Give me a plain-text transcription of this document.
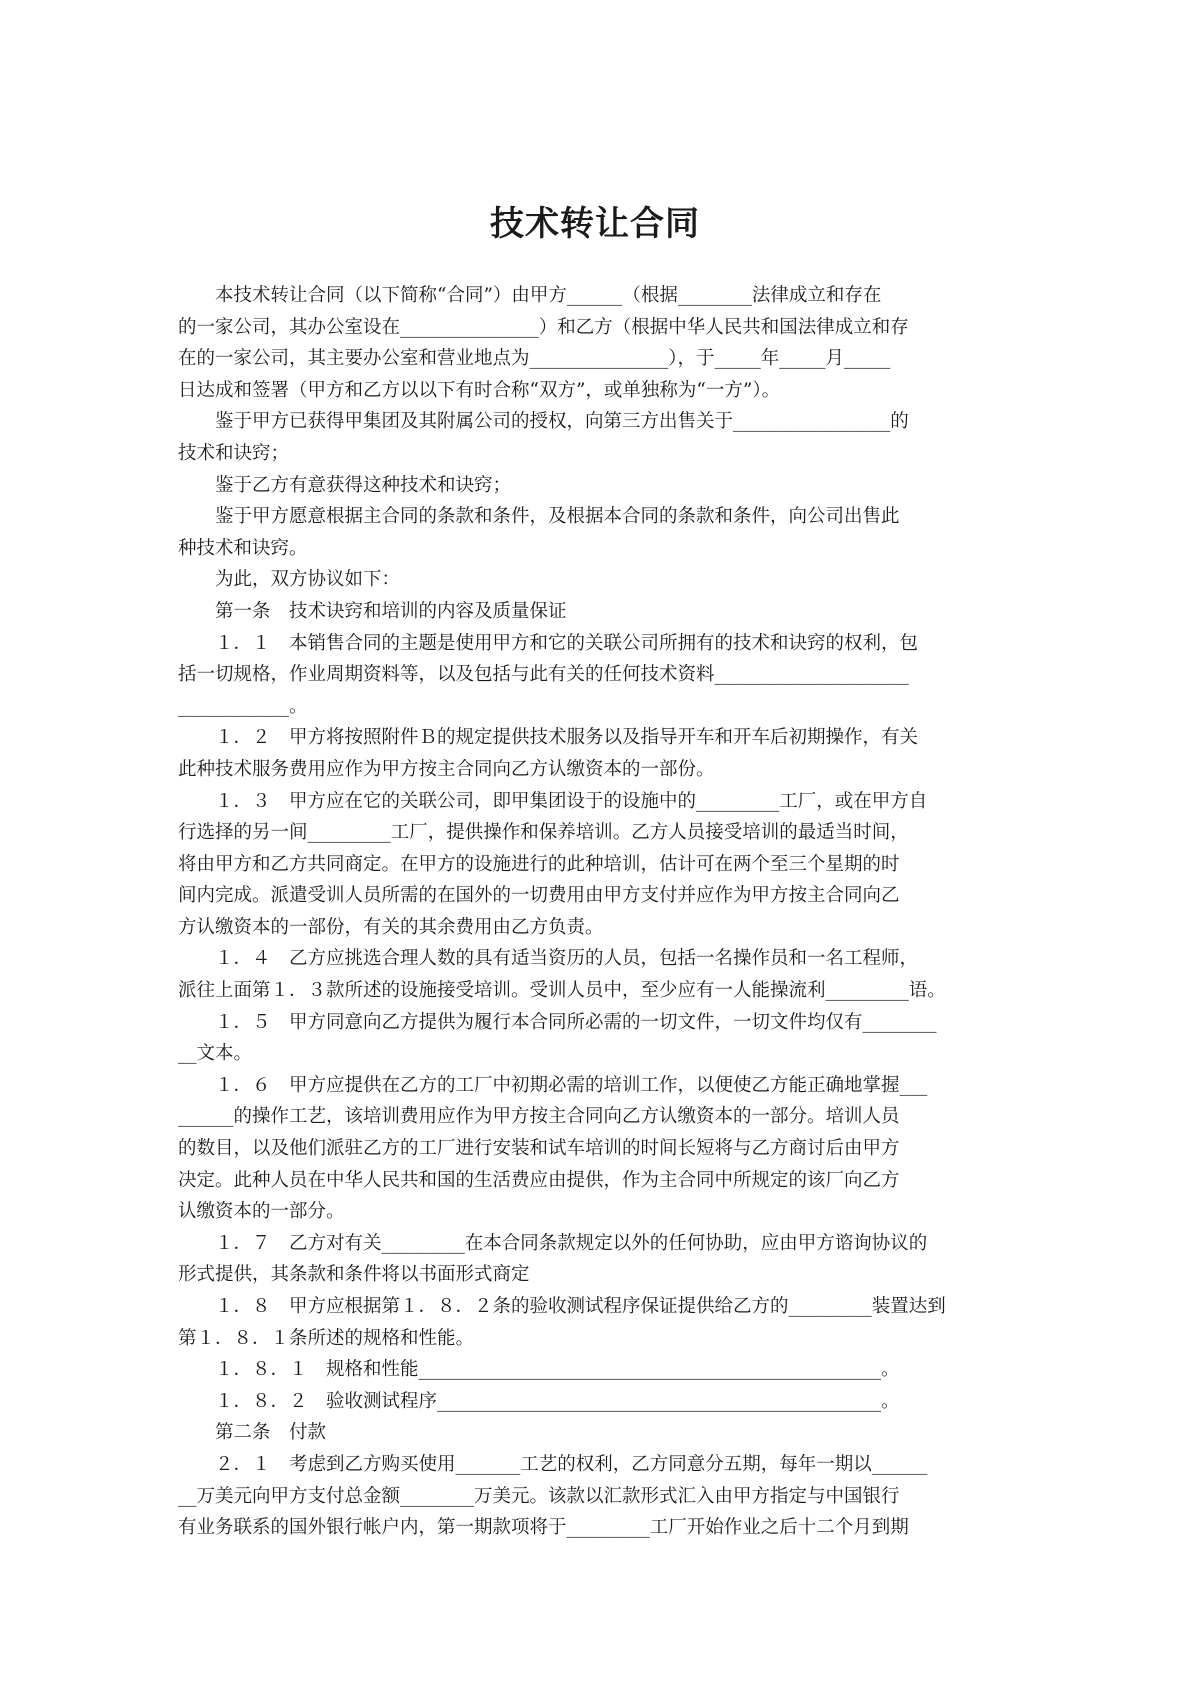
技术转让合同
　　本技术转让合同（以下简称“合同”）由甲方______（根据________法律成立和存在
的一家公司，其办公室设在_______________）和乙方（根据中华人民共和国法律成立和存
在的一家公司，其主要办公室和营业地点为_______________），于_____年_____月_____
日达成和签署（甲方和乙方以以下有时合称“双方”，或单独称为“一方”）。
　　鉴于甲方已获得甲集团及其附属公司的授权，向第三方出售关于_________________的
技术和诀窍；
　　鉴于乙方有意获得这种技术和诀窍；
　　鉴于甲方愿意根据主合同的条款和条件，及根据本合同的条款和条件，向公司出售此
种技术和诀窍。
　　为此，双方协议如下：
　　第一条　技术诀窍和培训的内容及质量保证
　　１．１　本销售合同的主题是使用甲方和它的关联公司所拥有的技术和诀窍的权利，包
括一切规格，作业周期资料等，以及包括与此有关的任何技术资料_____________________
____________。
　　１．２　甲方将按照附件Ｂ的规定提供技术服务以及指导开车和开车后初期操作，有关
此种技术服务费用应作为甲方按主合同向乙方认缴资本的一部份。
　　１．３　甲方应在它的关联公司，即甲集团设于的设施中的_________工厂，或在甲方自
行选择的另一间_________工厂，提供操作和保养培训。乙方人员接受培训的最适当时间，
将由甲方和乙方共同商定。在甲方的设施进行的此种培训，估计可在两个至三个星期的时
间内完成。派遣受训人员所需的在国外的一切费用由甲方支付并应作为甲方按主合同向乙
方认缴资本的一部份，有关的其余费用由乙方负责。
　　１．４　乙方应挑选合理人数的具有适当资历的人员，包括一名操作员和一名工程师，
派往上面第１．３款所述的设施接受培训。受训人员中，至少应有一人能操流利_________语。
　　１．５　甲方同意向乙方提供为履行本合同所必需的一切文件，一切文件均仅有________
__文本。
　　１．６　甲方应提供在乙方的工厂中初期必需的培训工作，以便使乙方能正确地掌握___
______的操作工艺，该培训费用应作为甲方按主合同向乙方认缴资本的一部分。培训人员
的数目，以及他们派驻乙方的工厂进行安装和试车培训的时间长短将与乙方商讨后由甲方
决定。此种人员在中华人民共和国的生活费应由提供，作为主合同中所规定的该厂向乙方
认缴资本的一部分。
　　１．７　乙方对有关_________在本合同条款规定以外的任何协助，应由甲方谘询协议的
形式提供，其条款和条件将以书面形式商定
　　１．８　甲方应根据第１．８．２条的验收测试程序保证提供给乙方的_________装置达到
第１．８．１条所述的规格和性能。
　　１．８．１　规格和性能__________________________________________________。
　　１．８．２　验收测试程序________________________________________________。
　　第二条　付款
　　２．１　考虑到乙方购买使用_______工艺的权利，乙方同意分五期，每年一期以______
__万美元向甲方支付总金额________万美元。该款以汇款形式汇入由甲方指定与中国银行
有业务联系的国外银行帐户内，第一期款项将于_________工厂开始作业之后十二个月到期
